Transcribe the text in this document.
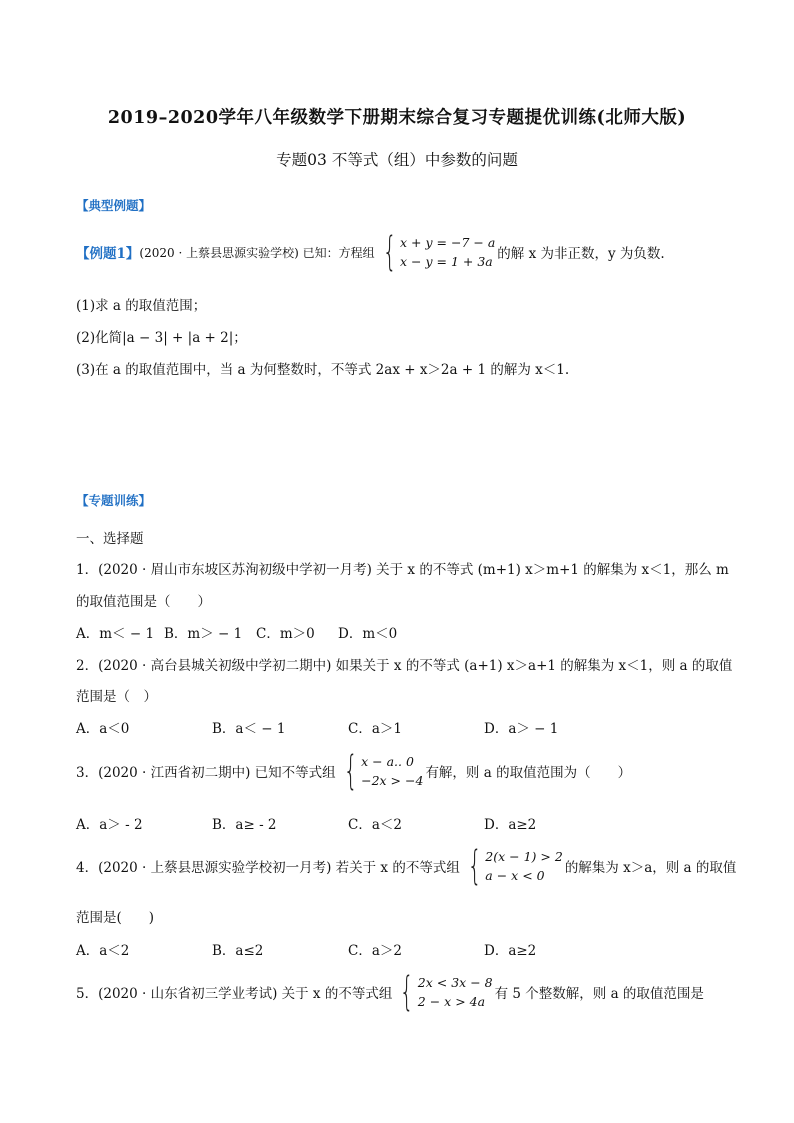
2019–2020学年八年级数学下册期末综合复习专题提优训练(北师大版)
专题03 不等式（组）中参数的问题
【典型例题】
【例题1】 (2020 · 上蔡县思源实验学校) 已知：方程组 { x + y = −7 − a
x − y = 1 + 3a 的解 x 为非正数，y 为负数.
(1)求 a 的取值范围；
(2)化简|a − 3| + |a + 2|；
(3)在 a 的取值范围中，当 a 为何整数时，不等式 2ax + x＞2a + 1 的解为 x＜1.
【专题训练】
一、选择题
1．(2020 · 眉山市东坡区苏洵初级中学初一月考) 关于 x 的不等式 (m+1) x＞m+1 的解集为 x＜1，那么 m
的取值范围是（　　）
A．m＜ − 1 B．m＞ − 1 C．m＞0 D．m＜0
2．(2020 · 高台县城关初级中学初二期中) 如果关于 x 的不等式 (a+1) x＞a+1 的解集为 x＜1，则 a 的取值
范围是（　）
A．a＜0	B．a＜ − 1	C．a＞1	D．a＞ − 1
3．(2020 · 江西省初二期中) 已知不等式组 { x − a.. 0
−2x > −4 有解，则 a 的取值范围为（　　）
A．a＞ - 2	B．a≥ - 2	C．a＜2	D．a≥2
4．(2020 · 上蔡县思源实验学校初一月考) 若关于 x 的不等式组 { 2(x − 1) > 2
a − x < 0	的解集为 x＞a，则 a 的取值
范围是(　　)
A．a＜2	B．a≤2	C．a＞2	D．a≥2
5．(2020 · 山东省初三学业考试) 关于 x 的不等式组 { 2x < 3x − 8
2 − x > 4a 有 5 个整数解，则 a 的取值范围是
